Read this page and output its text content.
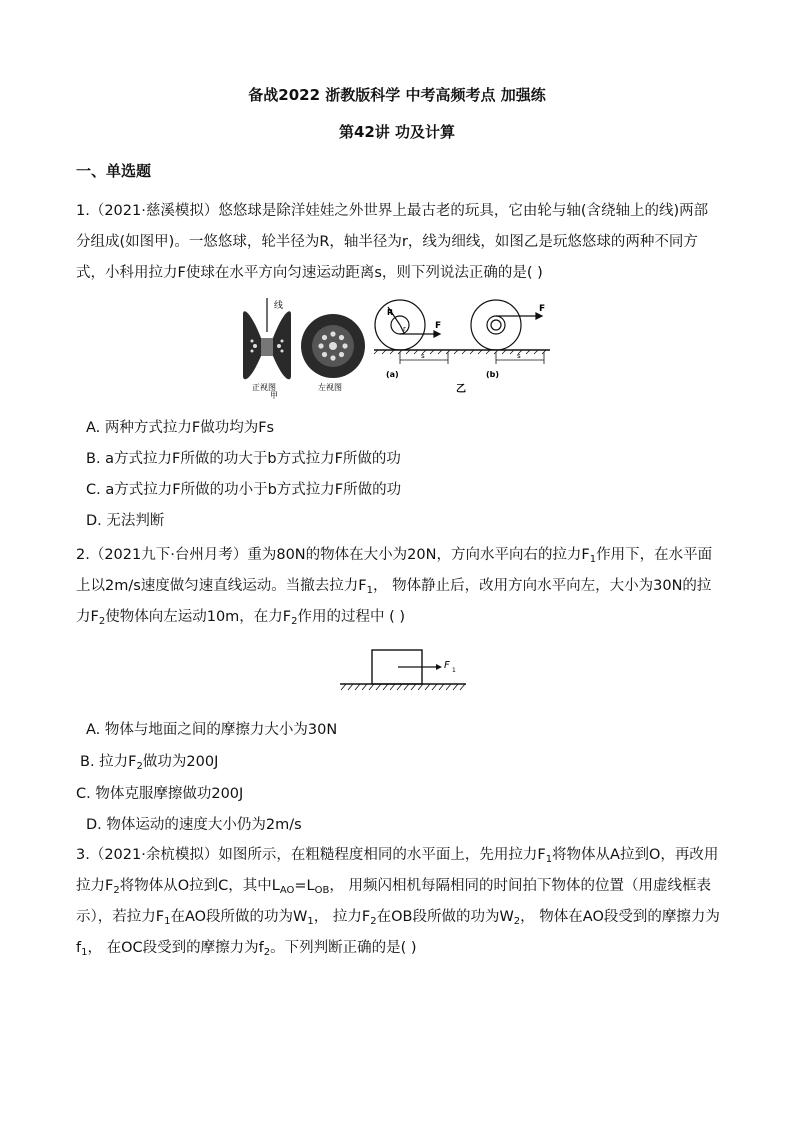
备战2022 浙教版科学 中考高频考点 加强练
第42讲 功及计算
一、单选题
1.（2021·慈溪模拟）悠悠球是除洋娃娃之外世界上最古老的玩具，它由轮与轴(含绕轴上的线)两部分组成(如图甲)。一悠悠球，轮半径为R，轴半径为r，线为细线，如图乙是玩悠悠球的两种不同方式，小科用拉力F使球在水平方向匀速运动距离s，则下列说法正确的是( )
线
正视图	左视图
甲
R
r	F
F
s	s
(a)	(b)
乙
A. 两种方式拉力F做功均为Fs
B. a方式拉力F所做的功大于b方式拉力F所做的功
C. a方式拉力F所做的功小于b方式拉力F所做的功
D. 无法判断
2.（2021九下·台州月考）重为80N的物体在大小为20N，方向水平向右的拉力$F_1$作用下，在水平面上以2m/s速度做匀速直线运动。当撤去拉力$F_1$， 物体静止后，改用方向水平向左，大小为30N的拉力$F_2$使物体向左运动10m，在力$F_2$作用的过程中 ( )
F 1
A. 物体与地面之间的摩擦力大小为30N
B. 拉力$F_2$做功为200J
C. 物体克服摩擦做功200J
D. 物体运动的速度大小仍为2m/s
3.（2021·余杭模拟）如图所示，在粗糙程度相同的水平面上，先用拉力$F_1$将物体从A拉到O，再改用拉力$F_2$将物体从O拉到C，其中$L_{AO}=L_{OB}$， 用频闪相机每隔相同的时间拍下物体的位置（用虚线框表示），若拉力$F_1$在AO段所做的功为$W_1$， 拉力$F_2$在OB段所做的功为$W_2$， 物体在AO段受到的摩擦力为$f_1$， 在OC段受到的摩擦力为$f_2$。下列判断正确的是( )
